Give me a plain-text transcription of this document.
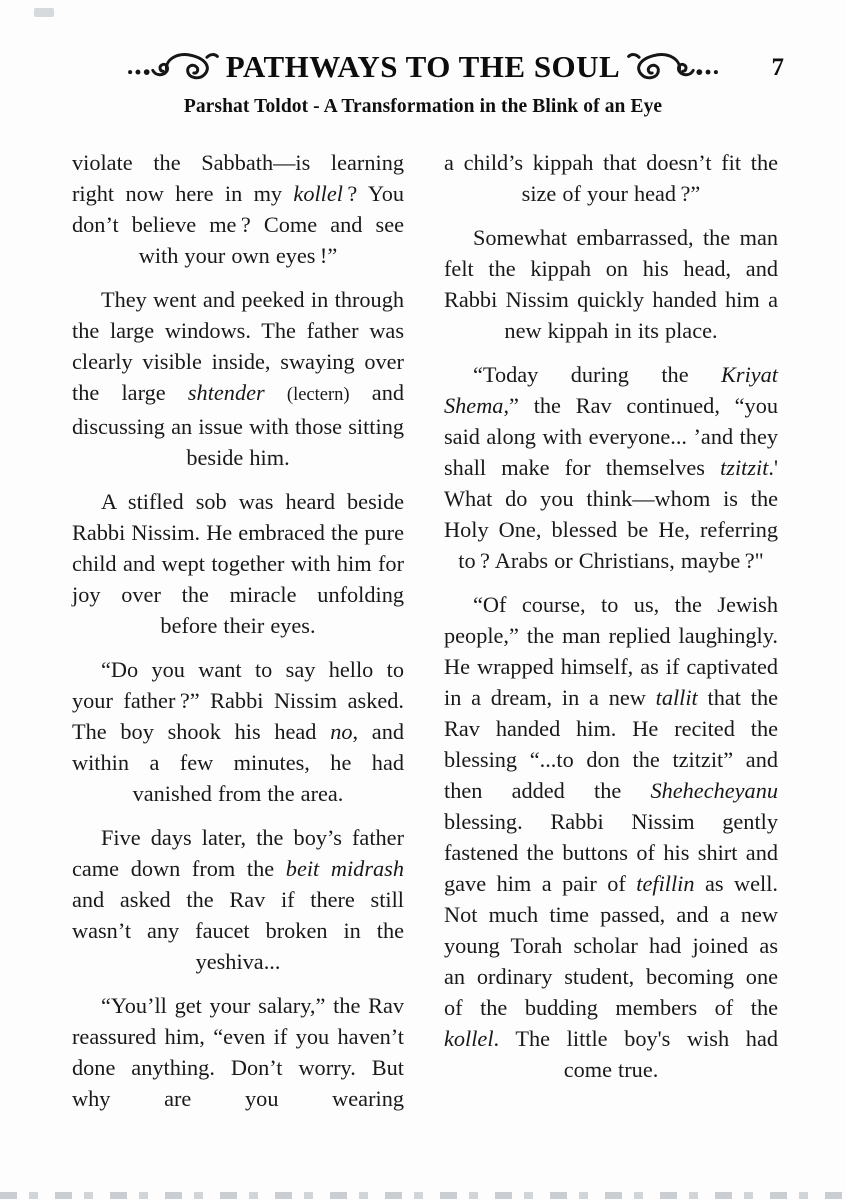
PATHWAYS TO THE SOUL	7
Parshat Toldot - A Transformation in the Blink of an Eye

violate the Sabbath—is learning right now here in my kollel ? You don’t believe me ? Come and see with your own eyes !”

They went and peeked in through the large windows. The father was clearly visible inside, swaying over the large shtender (lectern) and discussing an issue with those sitting beside him.

A stifled sob was heard beside Rabbi Nissim. He embraced the pure child and wept together with him for joy over the miracle unfolding before their eyes.

“Do you want to say hello to your father ?” Rabbi Nissim asked. The boy shook his head no, and within a few minutes, he had vanished from the area.

Five days later, the boy’s father came down from the beit midrash and asked the Rav if there still wasn’t any faucet broken in the yeshiva...

“You’ll get your salary,” the Rav reassured him, “even if you haven’t done anything. Don’t worry. But why are you wearing

a child’s kippah that doesn’t fit the size of your head ?”

Somewhat embarrassed, the man felt the kippah on his head, and Rabbi Nissim quickly handed him a new kippah in its place.

“Today during the Kriyat Shema,” the Rav continued, “you said along with everyone... ’and they shall make for themselves tzitzit.' What do you think—whom is the Holy One, blessed be He, referring to ? Arabs or Christians, maybe ?"

“Of course, to us, the Jewish people,” the man replied laughingly. He wrapped himself, as if captivated in a dream, in a new tallit that the Rav handed him. He recited the blessing “...to don the tzitzit” and then added the Shehecheyanu blessing. Rabbi Nissim gently fastened the buttons of his shirt and gave him a pair of tefillin as well. Not much time passed, and a new young Torah scholar had joined as an ordinary student, becoming one of the budding members of the kollel. The little boy's wish had come true.
